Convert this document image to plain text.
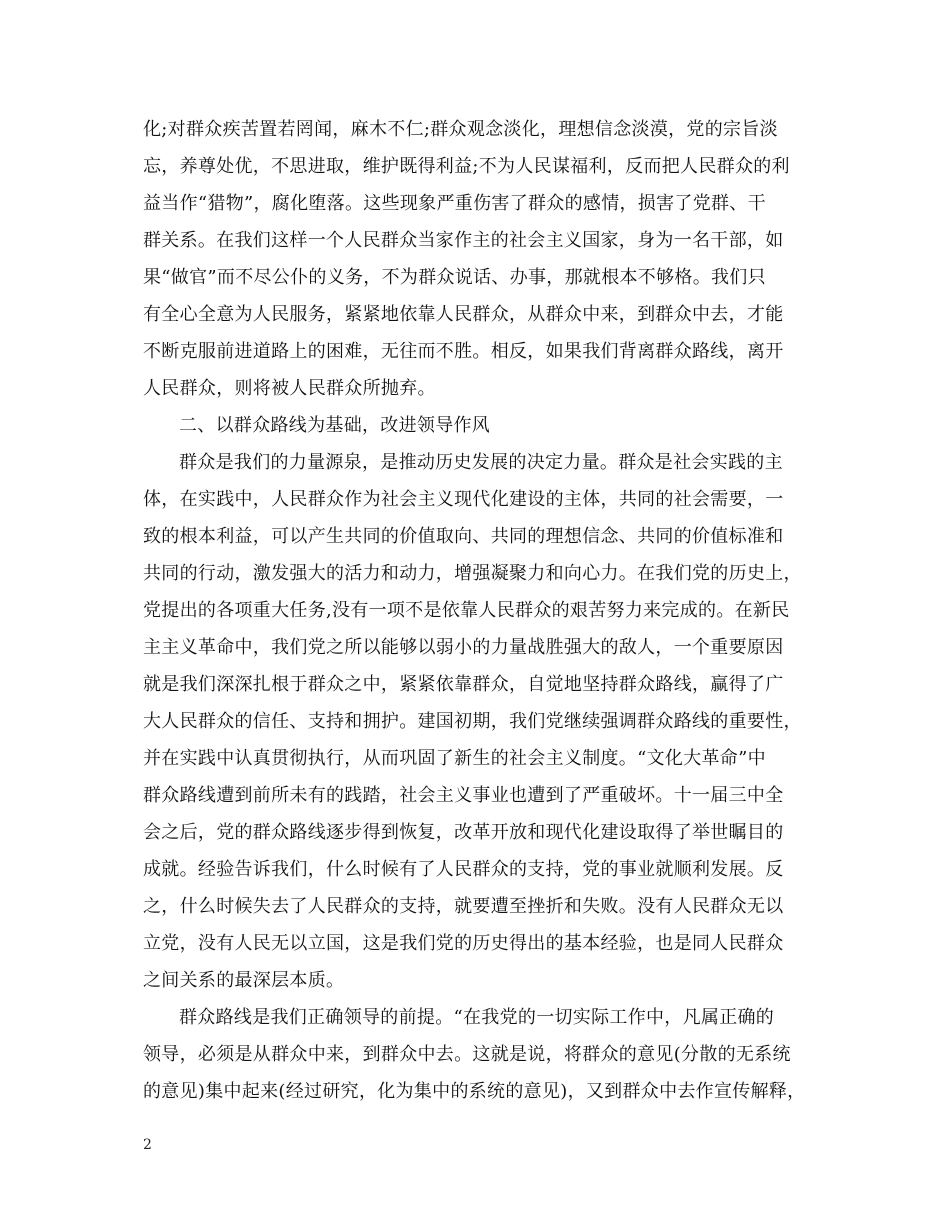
化;对群众疾苦置若罔闻，麻木不仁;群众观念淡化，理想信念淡漠，党的宗旨淡
忘，养尊处优，不思进取，维护既得利益;不为人民谋福利，反而把人民群众的利
益当作“猎物”，腐化堕落。这些现象严重伤害了群众的感情，损害了党群、干
群关系。在我们这样一个人民群众当家作主的社会主义国家，身为一名干部，如
果“做官”而不尽公仆的义务，不为群众说话、办事，那就根本不够格。我们只
有全心全意为人民服务，紧紧地依靠人民群众，从群众中来，到群众中去，才能
不断克服前进道路上的困难，无往而不胜。相反，如果我们背离群众路线，离开
人民群众，则将被人民群众所抛弃。
二、以群众路线为基础，改进领导作风
群众是我们的力量源泉，是推动历史发展的决定力量。群众是社会实践的主
体，在实践中，人民群众作为社会主义现代化建设的主体，共同的社会需要，一
致的根本利益，可以产生共同的价值取向、共同的理想信念、共同的价值标准和
共同的行动，激发强大的活力和动力，增强凝聚力和向心力。在我们党的历史上，
党提出的各项重大任务,没有一项不是依靠人民群众的艰苦努力来完成的。在新民
主主义革命中，我们党之所以能够以弱小的力量战胜强大的敌人，一个重要原因
就是我们深深扎根于群众之中，紧紧依靠群众，自觉地坚持群众路线，赢得了广
大人民群众的信任、支持和拥护。建国初期，我们党继续强调群众路线的重要性，
并在实践中认真贯彻执行，从而巩固了新生的社会主义制度。“文化大革命”中
群众路线遭到前所未有的践踏，社会主义事业也遭到了严重破坏。十一届三中全
会之后，党的群众路线逐步得到恢复，改革开放和现代化建设取得了举世瞩目的
成就。经验告诉我们，什么时候有了人民群众的支持，党的事业就顺利发展。反
之，什么时候失去了人民群众的支持，就要遭至挫折和失败。没有人民群众无以
立党，没有人民无以立国，这是我们党的历史得出的基本经验，也是同人民群众
之间关系的最深层本质。
群众路线是我们正确领导的前提。“在我党的一切实际工作中，凡属正确的
领导，必须是从群众中来，到群众中去。这就是说，将群众的意见(分散的无系统
的意见)集中起来(经过研究，化为集中的系统的意见)，又到群众中去作宣传解释，
2
